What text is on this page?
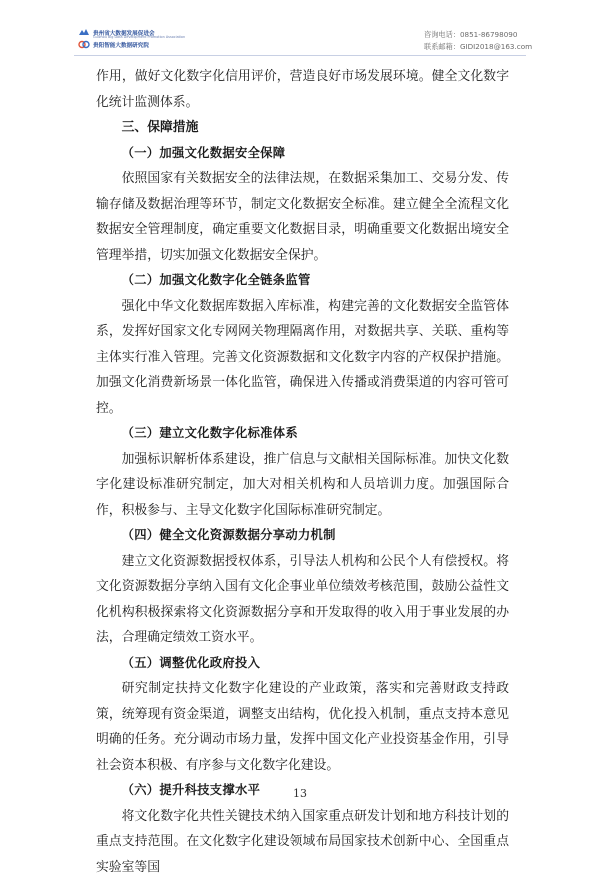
贵州省大数据发展促进会
Guizhou Big Data Development Promotion Association
贵阳智能大数据研究院
咨询电话：0851-86798090
联系邮箱：GIDI2018@163.com

作用，做好文化数字化信用评价，营造良好市场发展环境。健全文化数字化统计监测体系。

三、保障措施

（一）加强文化数据安全保障

依照国家有关数据安全的法律法规，在数据采集加工、交易分发、传输存储及数据治理等环节，制定文化数据安全标准。建立健全全流程文化数据安全管理制度，确定重要文化数据目录，明确重要文化数据出境安全管理举措，切实加强文化数据安全保护。

（二）加强文化数字化全链条监管

强化中华文化数据库数据入库标准，构建完善的文化数据安全监管体系，发挥好国家文化专网网关物理隔离作用，对数据共享、关联、重构等主体实行准入管理。完善文化资源数据和文化数字内容的产权保护措施。加强文化消费新场景一体化监管，确保进入传播或消费渠道的内容可管可控。

（三）建立文化数字化标准体系

加强标识解析体系建设，推广信息与文献相关国际标准。加快文化数字化建设标准研究制定，加大对相关机构和人员培训力度。加强国际合作，积极参与、主导文化数字化国际标准研究制定。

（四）健全文化资源数据分享动力机制

建立文化资源数据授权体系，引导法人机构和公民个人有偿授权。将文化资源数据分享纳入国有文化企事业单位绩效考核范围，鼓励公益性文化机构积极探索将文化资源数据分享和开发取得的收入用于事业发展的办法，合理确定绩效工资水平。

（五）调整优化政府投入

研究制定扶持文化数字化建设的产业政策，落实和完善财政支持政策，统筹现有资金渠道，调整支出结构，优化投入机制，重点支持本意见明确的任务。充分调动市场力量，发挥中国文化产业投资基金作用，引导社会资本积极、有序参与文化数字化建设。

（六）提升科技支撑水平

将文化数字化共性关键技术纳入国家重点研发计划和地方科技计划的重点支持范围。在文化数字化建设领域布局国家技术创新中心、全国重点实验室等国

13
